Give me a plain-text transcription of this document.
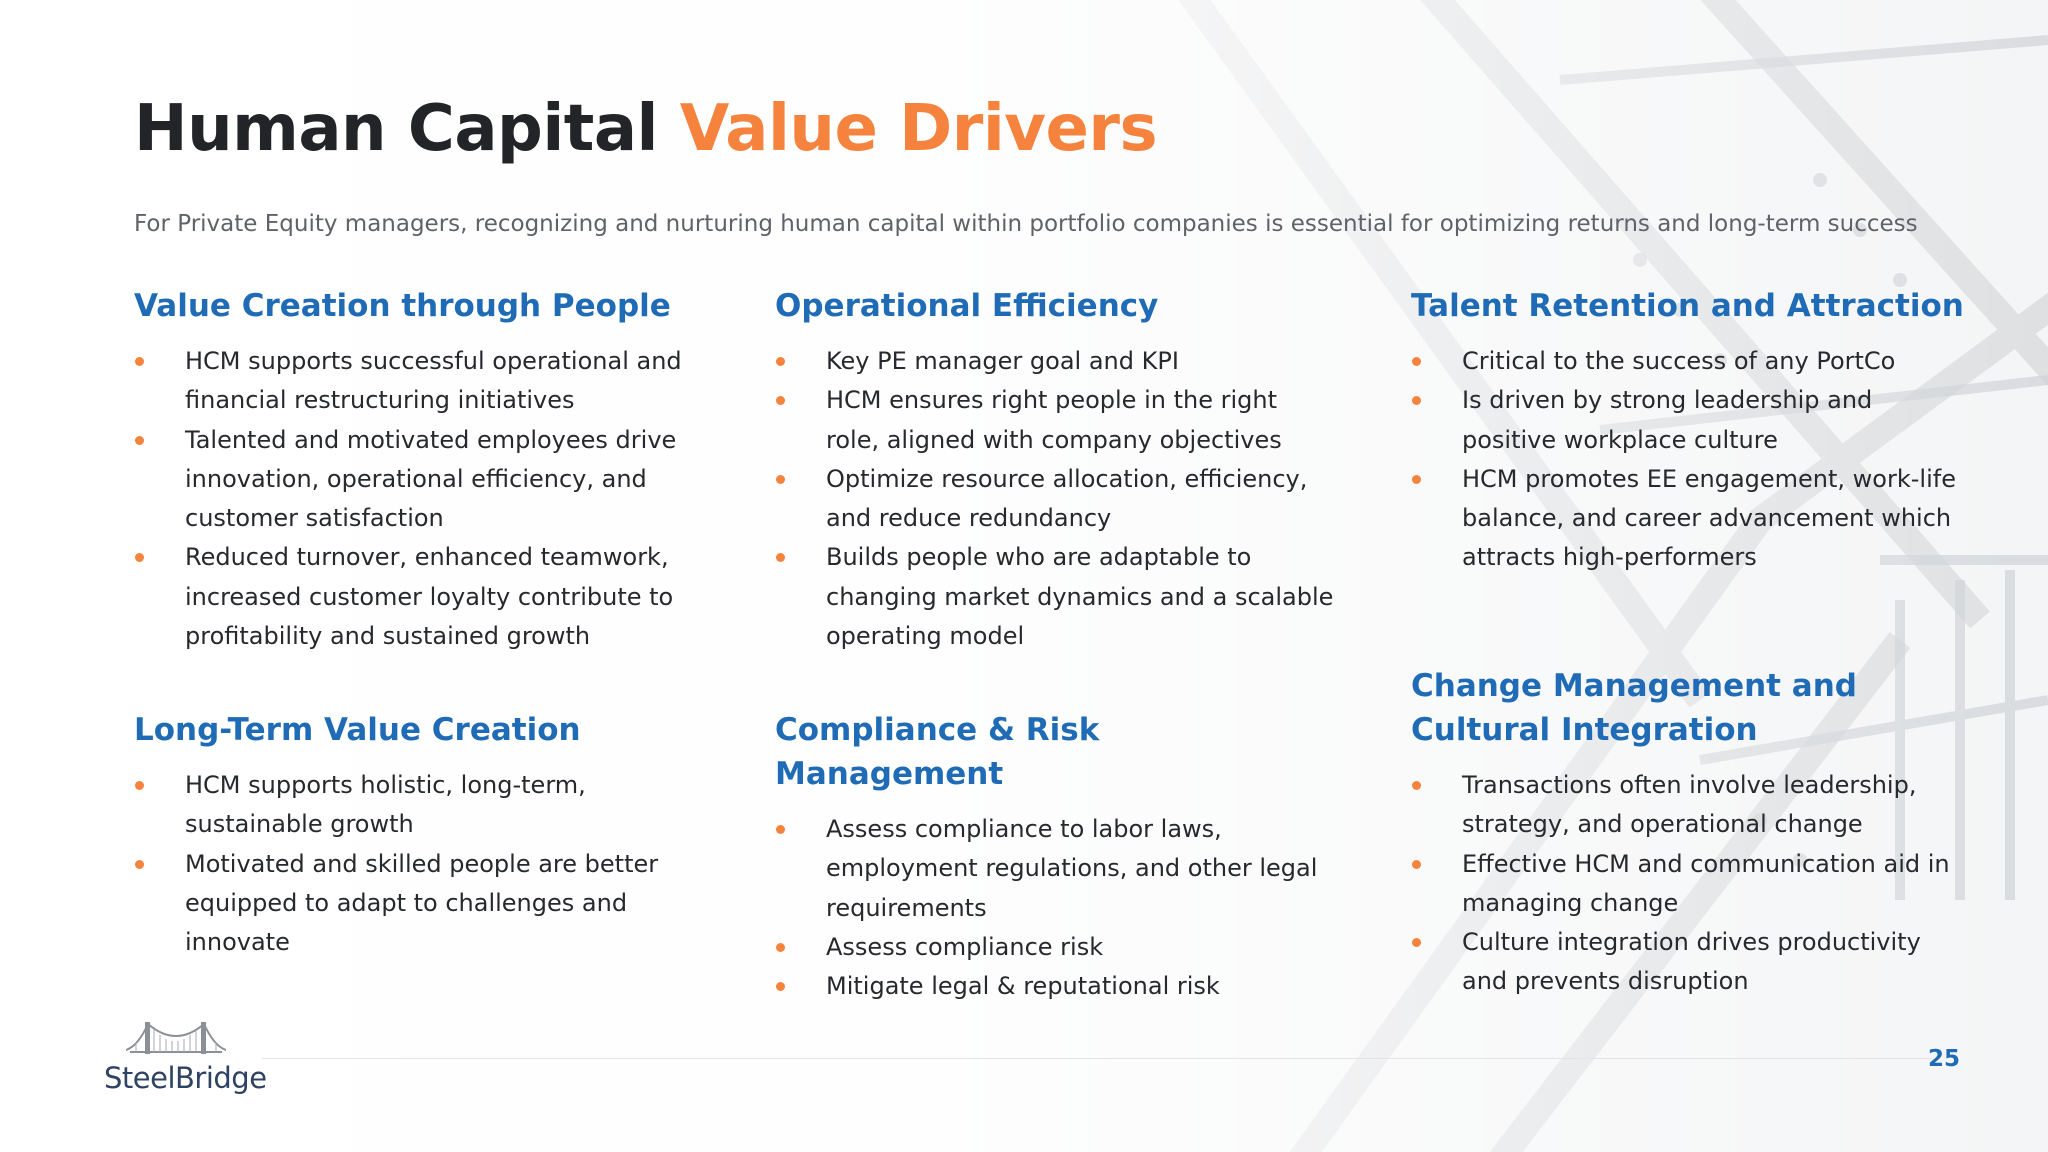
Human Capital Value Drivers

For Private Equity managers, recognizing and nurturing human capital within portfolio companies is essential for optimizing returns and long-term success

Value Creation through People
HCM supports successful operational and financial restructuring initiatives
Talented and motivated employees drive innovation, operational efficiency, and customer satisfaction
Reduced turnover, enhanced teamwork, increased customer loyalty contribute to profitability and sustained growth
Long-Term Value Creation
HCM supports holistic, long-term, sustainable growth
Motivated and skilled people are better equipped to adapt to challenges and innovate
Operational Efficiency
Key PE manager goal and KPI
HCM ensures right people in the right role, aligned with company objectives
Optimize resource allocation, efficiency, and reduce redundancy
Builds people who are adaptable to changing market dynamics and a scalable operating model
Compliance & Risk Management
Assess compliance to labor laws, employment regulations, and other legal requirements
Assess compliance risk
Mitigate legal & reputational risk
Talent Retention and Attraction
Critical to the success of any PortCo
Is driven by strong leadership and positive workplace culture
HCM promotes EE engagement, work-life balance, and career advancement which attracts high-performers
Change Management and Cultural Integration
Transactions often involve leadership, strategy, and operational change
Effective HCM and communication aid in managing change
Culture integration drives productivity and prevents disruption
SteelBridge
25
